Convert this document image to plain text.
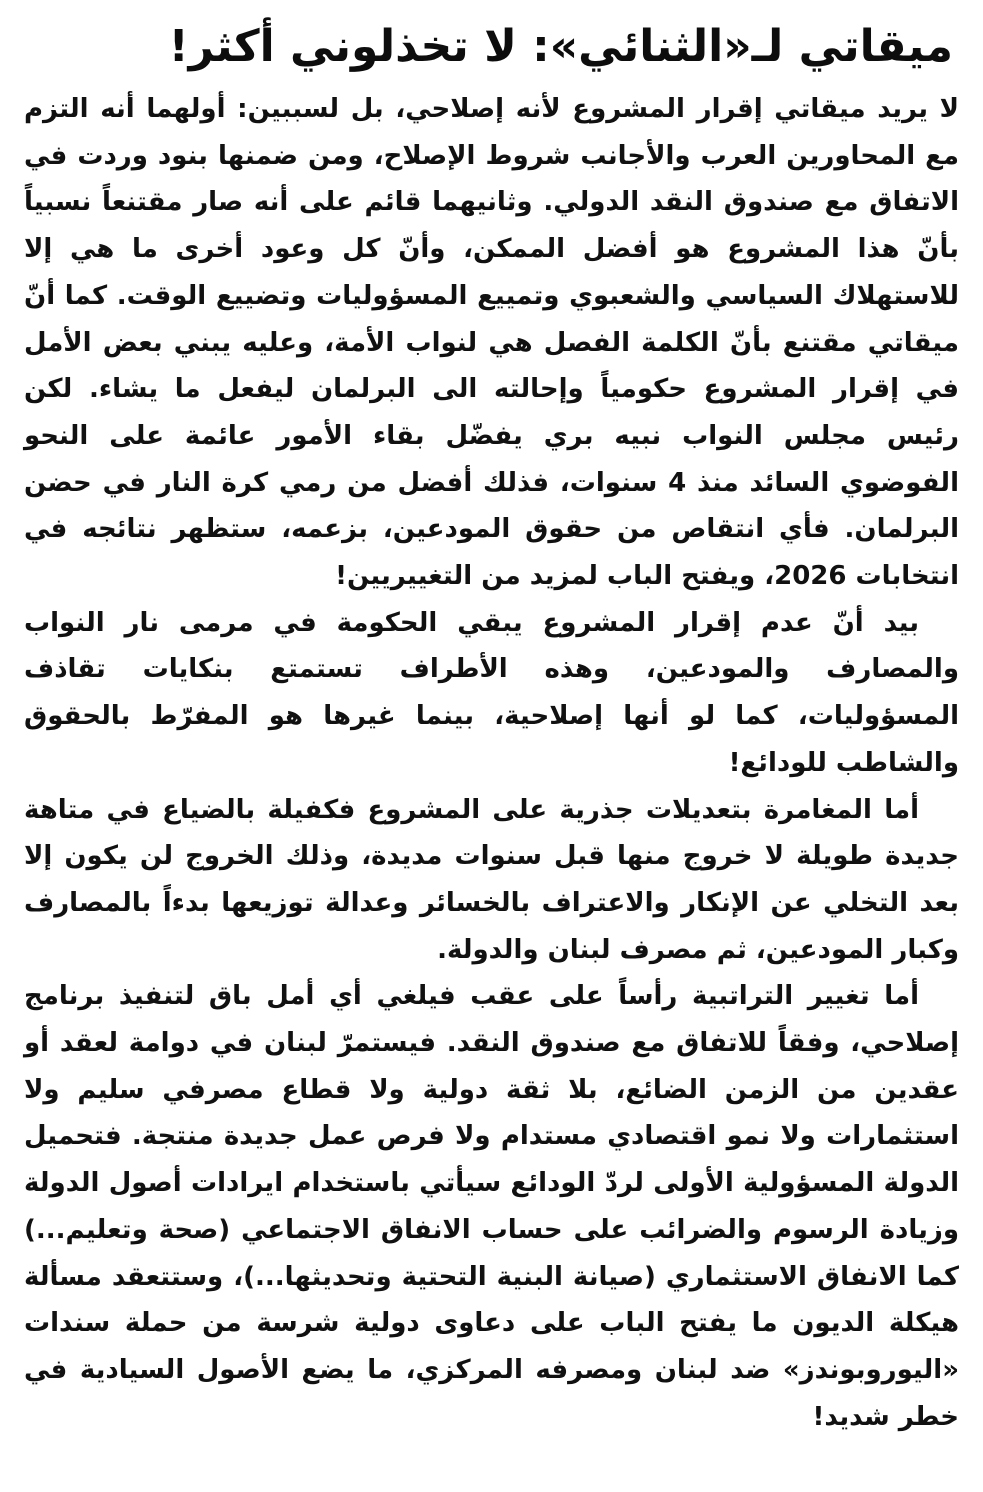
ميقاتي لـ«الثنائي»: لا تخذلوني أكثر!

لا يريد ميقاتي إقرار المشروع لأنه إصلاحي، بل لسببين: أولهما أنه التزم مع المحاورين العرب والأجانب شروط الإصلاح، ومن ضمنها بنود وردت في الاتفاق مع صندوق النقد الدولي. وثانيهما قائم على أنه صار مقتنعاً نسبياً بأنّ هذا المشروع هو أفضل الممكن، وأنّ كل وعود أخرى ما هي إلا للاستهلاك السياسي والشعبوي وتمييع المسؤوليات وتضييع الوقت. كما أنّ ميقاتي مقتنع بأنّ الكلمة الفصل هي لنواب الأمة، وعليه يبني بعض الأمل في إقرار المشروع حكومياً وإحالته الى البرلمان ليفعل ما يشاء. لكن رئيس مجلس النواب نبيه بري يفضّل بقاء الأمور عائمة على النحو الفوضوي السائد منذ 4 سنوات، فذلك أفضل من رمي كرة النار في حضن البرلمان. فأي انتقاص من حقوق المودعين، بزعمه، ستظهر نتائجه في انتخابات 2026، ويفتح الباب لمزيد من التغييريين!

بيد أنّ عدم إقرار المشروع يبقي الحكومة في مرمى نار النواب والمصارف والمودعين، وهذه الأطراف تستمتع بنكايات تقاذف المسؤوليات، كما لو أنها إصلاحية، بينما غيرها هو المفرّط بالحقوق والشاطب للودائع!

أما المغامرة بتعديلات جذرية على المشروع فكفيلة بالضياع في متاهة جديدة طويلة لا خروج منها قبل سنوات مديدة، وذلك الخروج لن يكون إلا بعد التخلي عن الإنكار والاعتراف بالخسائر وعدالة توزيعها بدءاً بالمصارف وكبار المودعين، ثم مصرف لبنان والدولة.

أما تغيير التراتبية رأساً على عقب فيلغي أي أمل باق لتنفيذ برنامج إصلاحي، وفقاً للاتفاق مع صندوق النقد. فيستمرّ لبنان في دوامة لعقد أو عقدين من الزمن الضائع، بلا ثقة دولية ولا قطاع مصرفي سليم ولا استثمارات ولا نمو اقتصادي مستدام ولا فرص عمل جديدة منتجة. فتحميل الدولة المسؤولية الأولى لردّ الودائع سيأتي باستخدام ايرادات أصول الدولة وزيادة الرسوم والضرائب على حساب الانفاق الاجتماعي (صحة وتعليم...) كما الانفاق الاستثماري (صيانة البنية التحتية وتحديثها...)، وستتعقد مسألة هيكلة الديون ما يفتح الباب على دعاوى دولية شرسة من حملة سندات «اليوروبوندز» ضد لبنان ومصرفه المركزي، ما يضع الأصول السيادية في خطر شديد!
